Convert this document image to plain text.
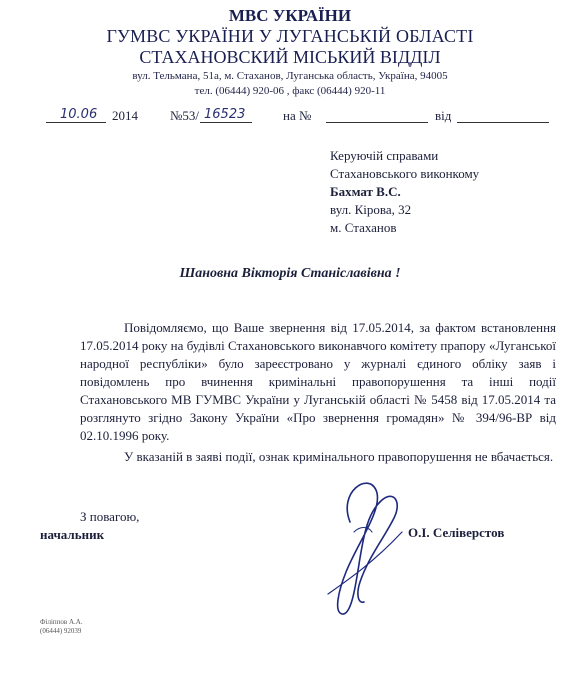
МВС УКРАЇНИ
ГУМВС УКРАЇНИ У ЛУГАНСЬКІЙ ОБЛАСТІ
СТАХАНОВСКИЙ МІСЬКИЙ ВІДДІЛ
вул. Тельмана, 51а, м. Стаханов, Луганська область, Україна, 94005
тел. (06444) 920-06 , факс (06444) 920-11
10.06 2014 №53/ 16523	на №	від
Керуючій справами
Стахановського виконкому
Бахмат В.С.
вул. Кірова, 32
м. Стаханов
Шановна Вікторія Станіславівна !

Повідомляємо, що Ваше звернення від 17.05.2014, за фактом встановлення 17.05.2014 року на будівлі Стахановського виконавчого комітету прапору «Луганської народної республіки» було зареєстровано у журналі єдиного обліку заяв і повідомлень про вчинення кримінальні правопорушення та інші події Стахановського МВ ГУМВС України у Луганській області № 5458 від 17.05.2014 та розглянуто згідно Закону України «Про звернення громадян» № 394/96-ВР від 02.10.1996 року.

У вказаній в заяві події, ознак кримінального правопорушення не вбачається.

З повагою,
начальник	О.І. Селіверстов
Філіппов А.А.
(06444) 92039
